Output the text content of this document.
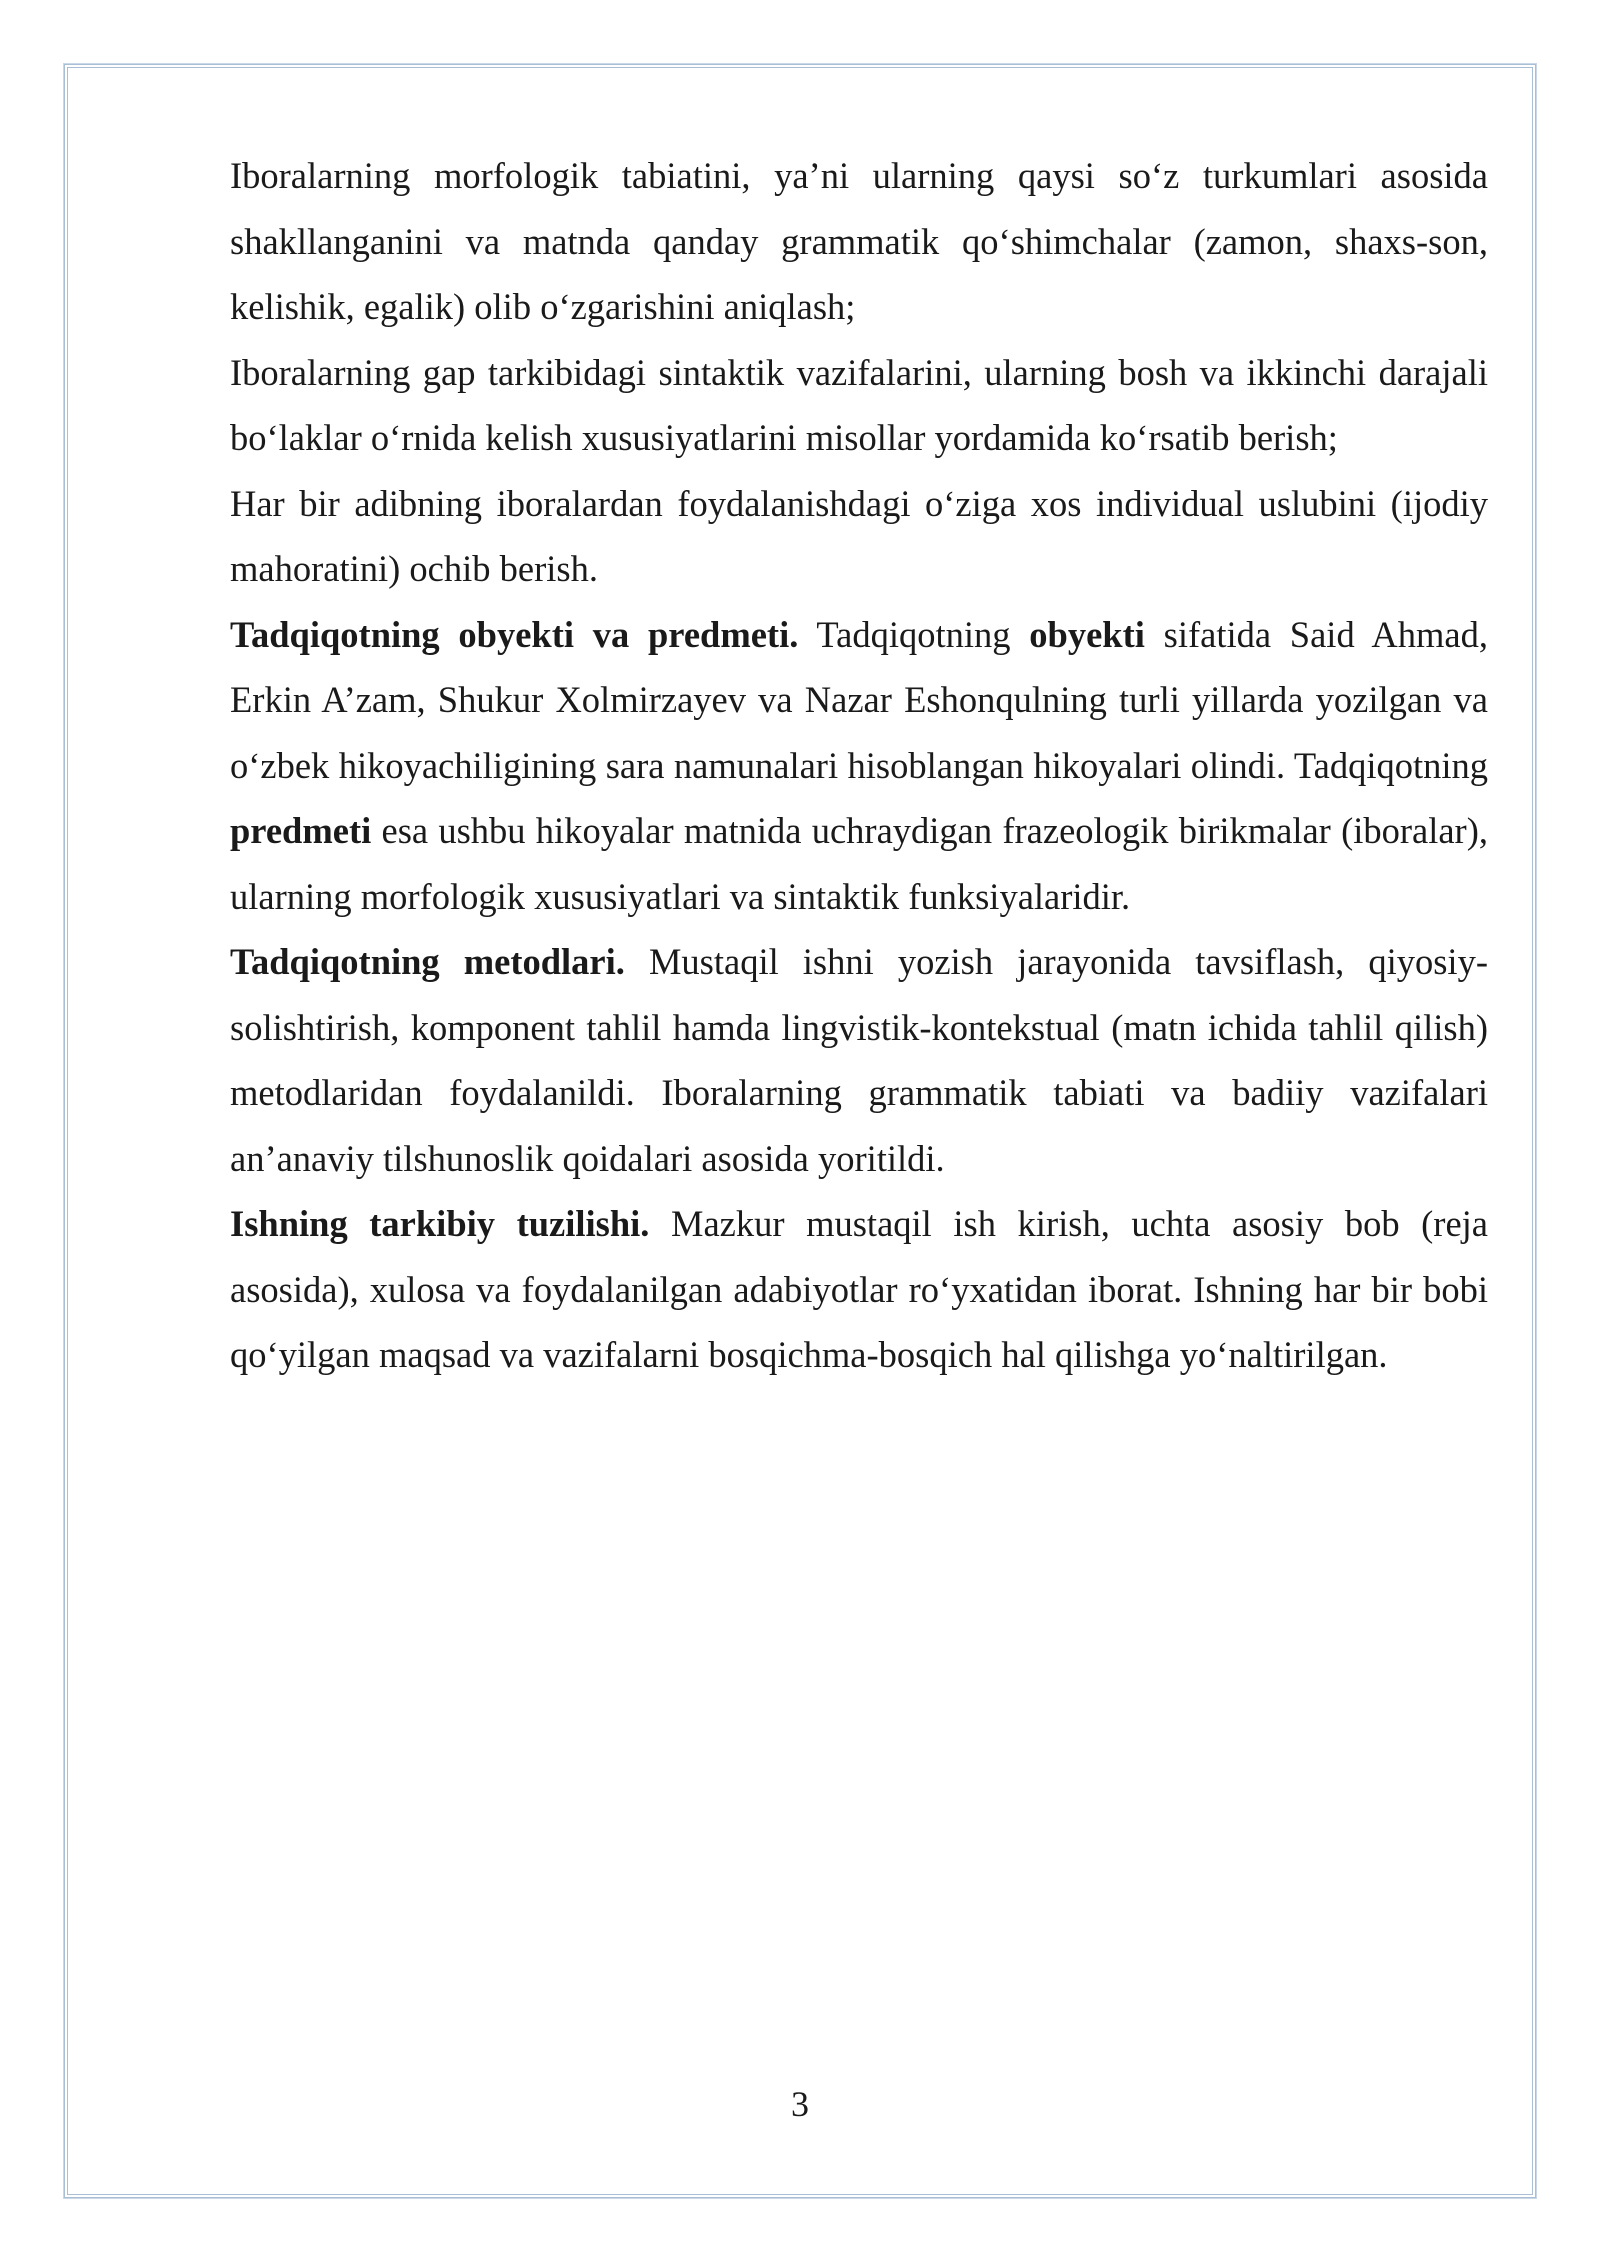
Iboralarning morfologik tabiatini, ya’ni ularning qaysi so‘z turkumlari asosida shakllanganini va matnda qanday grammatik qo‘shimchalar (zamon, shaxs-son, kelishik, egalik) olib o‘zgarishini aniqlash;

Iboralarning gap tarkibidagi sintaktik vazifalarini, ularning bosh va ikkinchi darajali bo‘laklar o‘rnida kelish xususiyatlarini misollar yordamida ko‘rsatib berish;

Har bir adibning iboralardan foydalanishdagi o‘ziga xos individual uslubini (ijodiy mahoratini) ochib berish.

Tadqiqotning obyekti va predmeti. Tadqiqotning obyekti sifatida Said Ahmad, Erkin A’zam, Shukur Xolmirzayev va Nazar Eshonqulning turli yillarda yozilgan va o‘zbek hikoyachiligining sara namunalari hisoblangan hikoyalari olindi. Tadqiqotning predmeti esa ushbu hikoyalar matnida uchraydigan frazeologik birikmalar (iboralar), ularning morfologik xususiyatlari va sintaktik funksiyalaridir.

Tadqiqotning metodlari. Mustaqil ishni yozish jarayonida tavsiflash, qiyosiy-solishtirish, komponent tahlil hamda lingvistik-kontekstual (matn ichida tahlil qilish) metodlaridan foydalanildi. Iboralarning grammatik tabiati va badiiy vazifalari an’anaviy tilshunoslik qoidalari asosida yoritildi.

Ishning tarkibiy tuzilishi. Mazkur mustaqil ish kirish, uchta asosiy bob (reja asosida), xulosa va foydalanilgan adabiyotlar ro‘yxatidan iborat. Ishning har bir bobi qo‘yilgan maqsad va vazifalarni bosqichma-bosqich hal qilishga yo‘naltirilgan.

3
